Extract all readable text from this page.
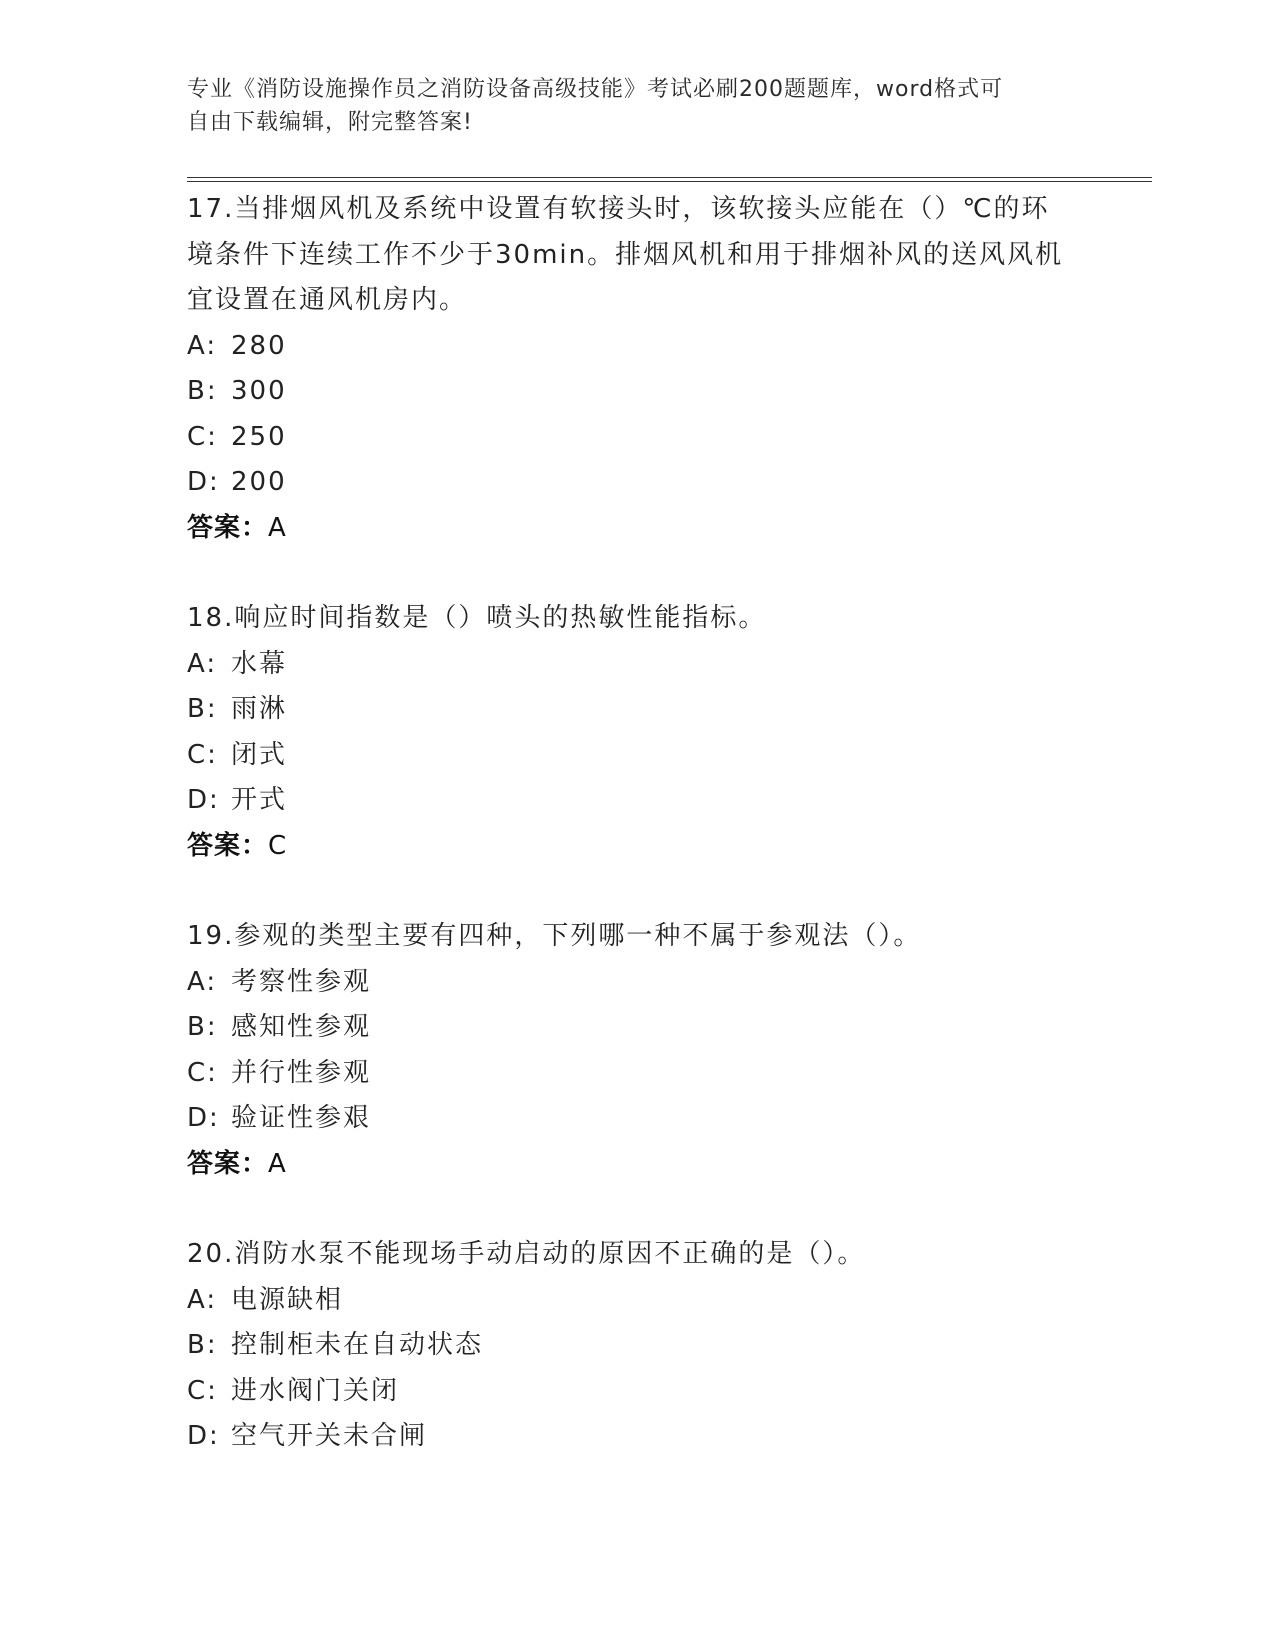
专业《消防设施操作员之消防设备高级技能》考试必刷200题题库，word格式可
自由下载编辑，附完整答案!
17.当排烟风机及系统中设置有软接头时，该软接头应能在（）℃的环
境条件下连续工作不少于30min。排烟风机和用于排烟补风的送风风机
宜设置在通风机房内。
A: 280
B: 300
C: 250
D: 200
答案：A
18.响应时间指数是（）喷头的热敏性能指标。
A: 水幕
B: 雨淋
C: 闭式
D: 开式
答案：C
19.参观的类型主要有四种，下列哪一种不属于参观法（）。
A: 考察性参观
B: 感知性参观
C: 并行性参观
D: 验证性参艰
答案：A
20.消防水泵不能现场手动启动的原因不正确的是（）。
A: 电源缺相
B: 控制柜未在自动状态
C: 进水阀门关闭
D: 空气开关未合闸
